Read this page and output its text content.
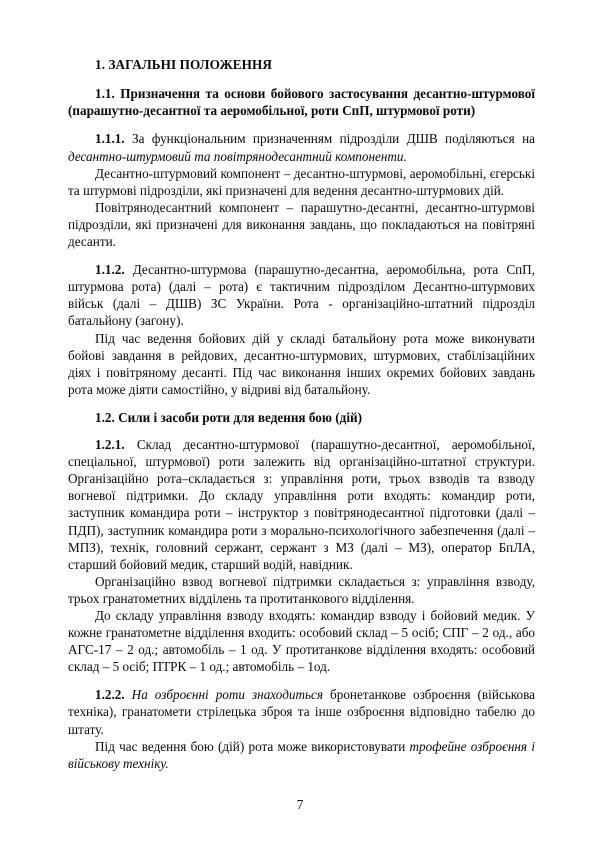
1. ЗАГАЛЬНІ ПОЛОЖЕННЯ
1.1. Призначення та основи бойового застосування десантно-штурмової (парашутно-десантної та аеромобільної, роти СпП, штурмової роти)

1.1.1. За функціональним призначенням підрозділи ДШВ поділяються на десантно-штурмовий та повітрянодесантний компоненти.

Десантно-штурмовий компонент – десантно-штурмові, аеромобільні, єгерські та штурмові підрозділи, які призначені для ведення десантно-штурмових дій.

Повітрянодесантний компонент – парашутно-десантні, десантно-штурмові підрозділи, які призначені для виконання завдань, що покладаються на повітряні десанти.

1.1.2. Десантно-штурмова (парашутно-десантна, аеромобільна, рота СпП, штурмова рота) (далі – рота) є тактичним підрозділом Десантно-штурмових військ (далі – ДШВ) ЗС України. Рота - організаційно-штатний підрозділ батальйону (загону).

Під час ведення бойових дій у складі батальйону рота може виконувати бойові завдання в рейдових, десантно-штурмових, штурмових, стабілізаційних діях і повітряному десанті. Під час виконання інших окремих бойових завдань рота може діяти самостійно, у відриві від батальйону.

1.2. Сили і засоби роти для ведення бою (дій)

1.2.1. Склад десантно-штурмової (парашутно-десантної, аеромобільної, спеціальної, штурмової) роти залежить від організаційно-штатної структури. Організаційно рота–складається з: управління роти, трьох взводів та взводу вогневої підтримки. До складу управління роти входять: командир роти, заступник командира роти – інструктор з повітрянодесантної підготовки (далі – ПДП), заступник командира роти з морально-психологічного забезпечення (далі – МПЗ), технік, головний сержант, сержант з МЗ (далі – МЗ), оператор БпЛА, старший бойовий медик, старший водій, навідник.

Організаційно взвод вогневої підтримки складається з: управління взводу, трьох гранатометних відділень та протитанкового відділення.

До складу управління взводу входять: командир взводу і бойовий медик. У кожне гранатометне відділення входить: особовий склад – 5 осіб; СПГ – 2 од., або АГС-17 – 2 од.; автомобіль – 1 од. У протитанкове відділення входять: особовий склад – 5 осіб; ПТРК – 1 од.; автомобіль – 1од.

1.2.2. На озброєнні роти знаходиться бронетанкове озброєння (військова техніка), гранатомети стрілецька зброя та інше озброєння відповідно табелю до штату.

Під час ведення бою (дій) рота може використовувати трофейне озброєння і військову техніку.

7
